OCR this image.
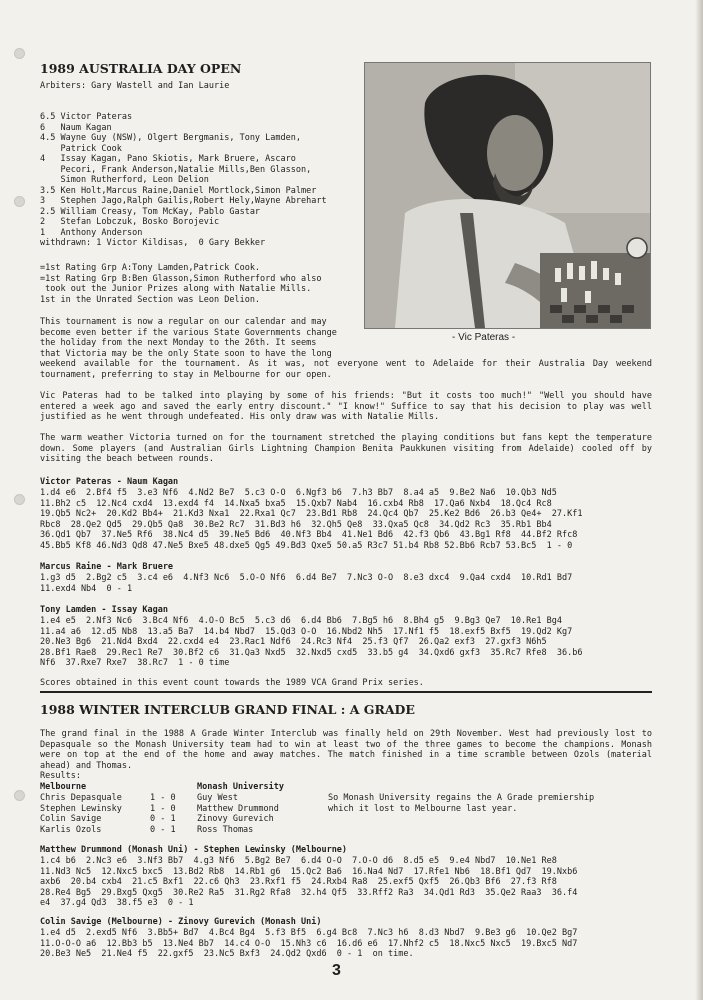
1989 AUSTRALIA DAY OPEN
Arbiters: Gary Wastell and Ian Laurie
6.5 Victor Pateras
6   Naum Kagan
4.5 Wayne Guy (NSW), Olgert Bergmanis, Tony Lamden,
Patrick Cook
4   Issay Kagan, Pano Skiotis, Mark Bruere, Ascaro
Pecori, Frank Anderson,Natalie Mills,Ben Glasson,
Simon Rutherford, Leon Delion
3.5 Ken Holt,Marcus Raine,Daniel Mortlock,Simon Palmer
3   Stephen Jago,Ralph Gailis,Robert Hely,Wayne Abrehart
2.5 William Creasy, Tom McKay, Pablo Gastar
2   Stefan Lobczuk, Bosko Borojevic
1   Anthony Anderson
withdrawn: 1 Victor Kildisas,  0 Gary Bekker
=1st Rating Grp A:Tony Lamden,Patrick Cook.
=1st Rating Grp B:Ben Glasson,Simon Rutherford who also
took out the Junior Prizes along with Natalie Mills.
1st in the Unrated Section was Leon Delion.
This tournament is now a regular on our calendar and may
become even better if the various State Governments change
the holiday from the next Monday to the 26th. It seems
that Victoria may be the only State soon to have the long
weekend available for the tournament. As it was, not everyone went to Adelaide for their Australia Day weekend tournament, preferring to stay in Melbourne for our open.
- Vic Pateras -
Vic Pateras had to be talked into playing by some of his friends: "But it costs too much!" "Well you should have entered a week ago and saved the early entry discount." "I know!" Suffice to say that his decision to play was well justified as he went through undefeated. His only draw was with Natalie Mills.
The warm weather Victoria turned on for the tournament stretched the playing conditions but fans kept the temperature down. Some players (and Australian Girls Lightning Champion Benita Paukkunen visiting from Adelaide) cooled off by visiting the beach between rounds.
Victor Pateras - Naum Kagan
1.d4 e6  2.Bf4 f5  3.e3 Nf6  4.Nd2 Be7  5.c3 O-O  6.Ngf3 b6  7.h3 Bb7  8.a4 a5  9.Be2 Na6  10.Qb3 Nd5
11.Bh2 c5  12.Nc4 cxd4  13.exd4 f4  14.Nxa5 bxa5  15.Qxb7 Nab4  16.cxb4 Rb8  17.Qa6 Nxb4  18.Qc4 Rc8
19.Qb5 Nc2+  20.Kd2 Bb4+  21.Kd3 Nxa1  22.Rxa1 Qc7  23.Bd1 Rb8  24.Qc4 Qb7  25.Ke2 Bd6  26.b3 Qe4+  27.Kf1
Rbc8  28.Qe2 Qd5  29.Qb5 Qa8  30.Be2 Rc7  31.Bd3 h6  32.Qh5 Qe8  33.Qxa5 Qc8  34.Qd2 Rc3  35.Rb1 Bb4
36.Qd1 Qb7  37.Ne5 Rf6  38.Nc4 d5  39.Ne5 Bd6  40.Nf3 Bb4  41.Ne1 Bd6  42.f3 Qb6  43.Bg1 Rf8  44.Bf2 Rfc8
45.Bb5 Kf8 46.Nd3 Qd8 47.Ne5 Bxe5 48.dxe5 Qg5 49.Bd3 Qxe5 50.a5 R3c7 51.b4 Rb8 52.Bb6 Rcb7 53.Bc5  1 - 0
Marcus Raine - Mark Bruere
1.g3 d5  2.Bg2 c5  3.c4 e6  4.Nf3 Nc6  5.O-O Nf6  6.d4 Be7  7.Nc3 O-O  8.e3 dxc4  9.Qa4 cxd4  10.Rd1 Bd7
11.exd4 Nb4  0 - 1
Tony Lamden - Issay Kagan
1.e4 e5  2.Nf3 Nc6  3.Bc4 Nf6  4.O-O Bc5  5.c3 d6  6.d4 Bb6  7.Bg5 h6  8.Bh4 g5  9.Bg3 Qe7  10.Re1 Bg4
11.a4 a6  12.d5 Nb8  13.a5 Ba7  14.b4 Nbd7  15.Qd3 O-O  16.Nbd2 Nh5  17.Nf1 f5  18.exf5 Bxf5  19.Qd2 Kg7
20.Ne3 Bg6  21.Nd4 Bxd4  22.cxd4 e4  23.Rac1 Ndf6  24.Rc3 Nf4  25.f3 Qf7  26.Qa2 exf3  27.gxf3 N6h5
28.Bf1 Rae8  29.Rec1 Re7  30.Bf2 c6  31.Qa3 Nxd5  32.Nxd5 cxd5  33.b5 g4  34.Qxd6 gxf3  35.Rc7 Rfe8  36.b6
Nf6  37.Rxe7 Rxe7  38.Rc7  1 - 0 time
Scores obtained in this event count towards the 1989 VCA Grand Prix series.
1988 WINTER INTERCLUB GRAND FINAL : A GRADE
The grand final in the 1988 A Grade Winter Interclub was finally held on 29th November. West had previously lost to Depasquale so the Monash University team had to win at least two of the three games to become the champions. Monash were on top at the end of the home and away matches. The match finished in a time scramble between Ozols (material ahead) and Thomas.
Results:
Melbourne	Monash University
Chris Depasquale
Stephen Lewinsky
Colin Savige
Karlis Ozols
1 - 0
1 - 0
0 - 1
0 - 1
Guy West
Matthew Drummond
Zinovy Gurevich
Ross Thomas
So Monash University regains the A Grade premiership
which it lost to Melbourne last year.
Matthew Drummond (Monash Uni) - Stephen Lewinsky (Melbourne)
1.c4 b6  2.Nc3 e6  3.Nf3 Bb7  4.g3 Nf6  5.Bg2 Be7  6.d4 O-O  7.O-O d6  8.d5 e5  9.e4 Nbd7  10.Ne1 Re8
11.Nd3 Nc5  12.Nxc5 bxc5  13.Bd2 Rb8  14.Rb1 g6  15.Qc2 Ba6  16.Na4 Nd7  17.Rfe1 Nb6  18.Bf1 Qd7  19.Nxb6
axb6  20.b4 cxb4  21.c5 Bxf1  22.c6 Qh3  23.Rxf1 f5  24.Rxb4 Ra8  25.exf5 Qxf5  26.Qb3 Bf6  27.f3 Rf8
28.Re4 Bg5  29.Bxg5 Qxg5  30.Re2 Ra5  31.Rg2 Rfa8  32.h4 Qf5  33.Rff2 Ra3  34.Qd1 Rd3  35.Qe2 Raa3  36.f4
e4  37.g4 Qd3  38.f5 e3  0 - 1
Colin Savige (Melbourne) - Zinovy Gurevich (Monash Uni)
1.e4 d5  2.exd5 Nf6  3.Bb5+ Bd7  4.Bc4 Bg4  5.f3 Bf5  6.g4 Bc8  7.Nc3 h6  8.d3 Nbd7  9.Be3 g6  10.Qe2 Bg7
11.O-O-O a6  12.Bb3 b5  13.Ne4 Bb7  14.c4 O-O  15.Nh3 c6  16.d6 e6  17.Nhf2 c5  18.Nxc5 Nxc5  19.Bxc5 Nd7
20.Be3 Ne5  21.Ne4 f5  22.gxf5  23.Nc5 Bxf3  24.Qd2 Qxd6  0 - 1  on time.
3
